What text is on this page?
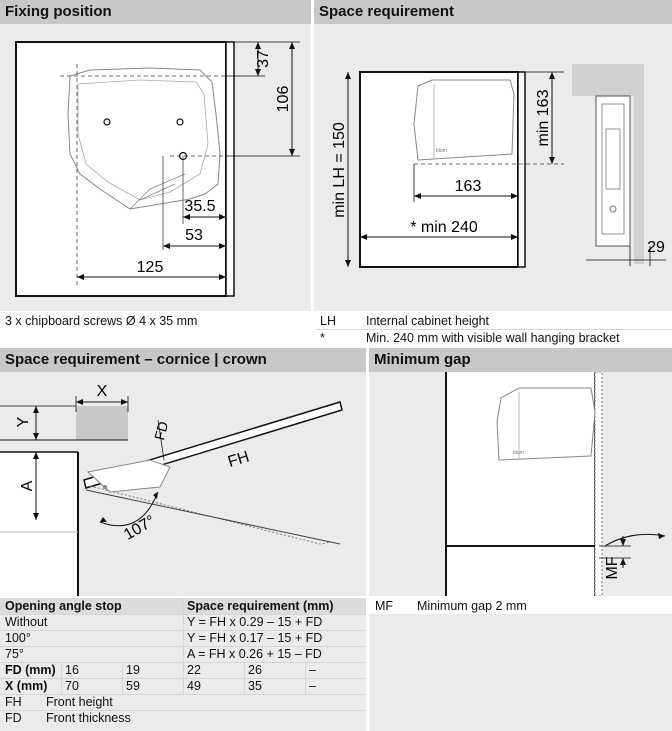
Fixing position
37
106
35.5
53
125
3 x chipboard screws Ø 4 x 35 mm
Space requirement
blum
29
min LH = 150
min 163
163
* min 240
LH Internal cabinet height
*	Min. 240 mm with visible wall hanging bracket
Space requirement – cornice | crown
107°
Y
X
A
FD
FH
Opening angle stop	Space requirement (mm)
Without	Y = FH x 0.29 – 15 + FD
100°	Y = FH x 0.17 – 15 + FD
75°	A = FH x 0.26 + 15 – FD
FD (mm) 16	19	22	26	–
X (mm) 70	59	49	35	–
FH Front height
FD Front thickness
Minimum gap
blum
MF
MF Minimum gap 2 mm
